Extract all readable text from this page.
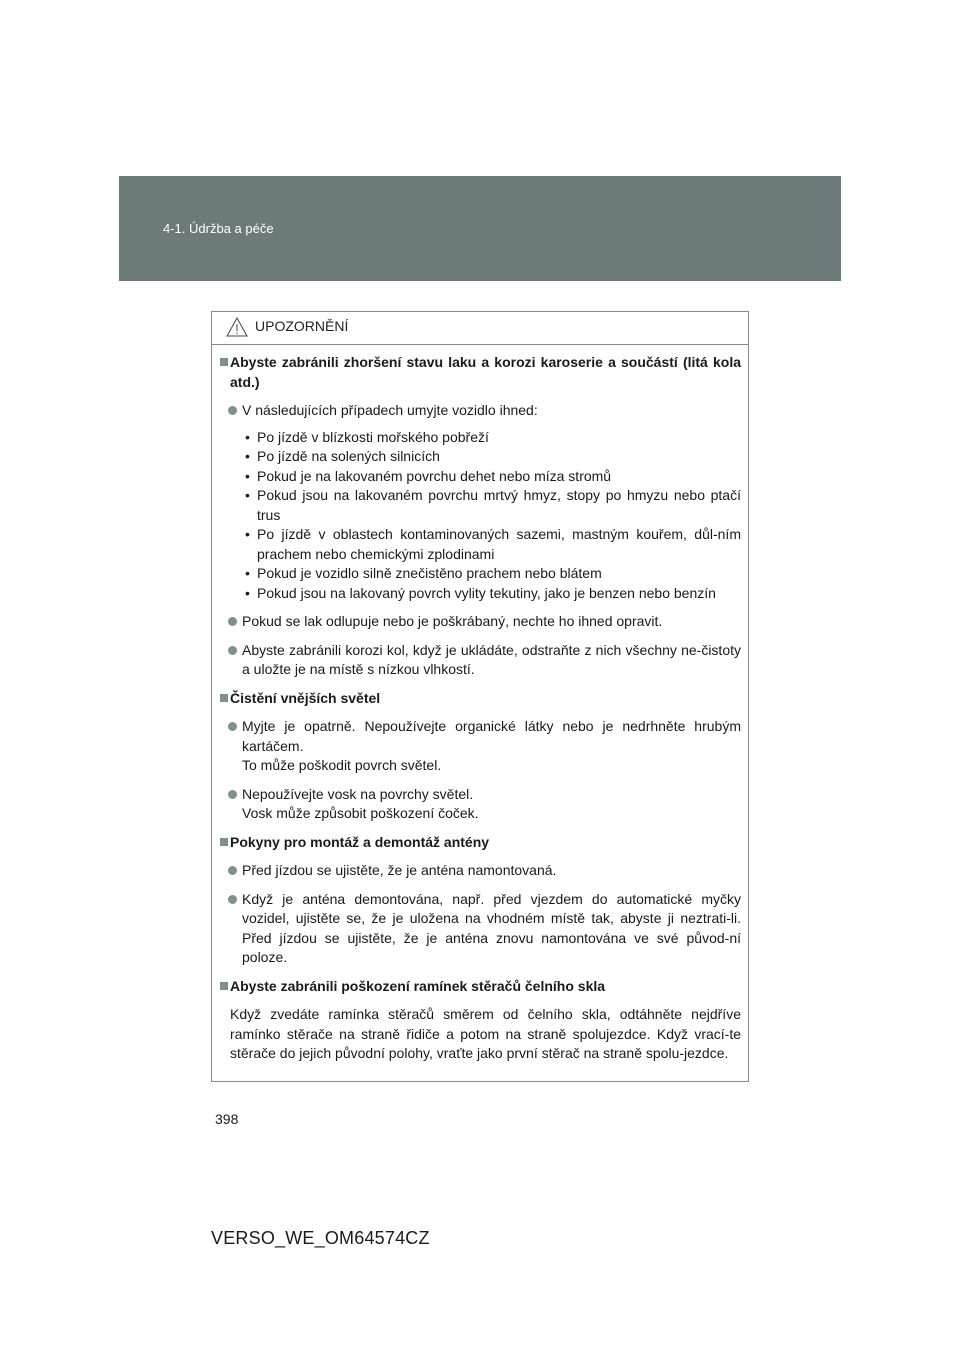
4-1. Údržba a péče
UPOZORNĚNÍ
Abyste zabránili zhoršení stavu laku a korozi karoserie a součástí (litá kola atd.)
V následujících případech umyjte vozidlo ihned:
• Po jízdě v blízkosti mořského pobřeží
• Po jízdě na solených silnicích
• Pokud je na lakovaném povrchu dehet nebo míza stromů
• Pokud jsou na lakovaném povrchu mrtvý hmyz, stopy po hmyzu nebo ptačí trus
• Po jízdě v oblastech kontaminovaných sazemi, mastným kouřem, důl-ním prachem nebo chemickými zplodinami
• Pokud je vozidlo silně znečistěno prachem nebo blátem
• Pokud jsou na lakovaný povrch vylity tekutiny, jako je benzen nebo benzín
Pokud se lak odlupuje nebo je poškrábaný, nechte ho ihned opravit.
Abyste zabránili korozi kol, když je ukládáte, odstraňte z nich všechny ne-čistoty a uložte je na místě s nízkou vlhkostí.
Čistění vnějších světel
Myjte je opatrně. Nepoužívejte organické látky nebo je nedrhněte hrubým kartáčem.
To může poškodit povrch světel.
Nepoužívejte vosk na povrchy světel.
Vosk může způsobit poškození čoček.
Pokyny pro montáž a demontáž antény
Před jízdou se ujistěte, že je anténa namontovaná.
Když je anténa demontována, např. před vjezdem do automatické myčky vozidel, ujistěte se, že je uložena na vhodném místě tak, abyste ji neztrati-li. Před jízdou se ujistěte, že je anténa znovu namontována ve své původ-ní poloze.
Abyste zabránili poškození ramínek stěračů čelního skla

Když zvedáte ramínka stěračů směrem od čelního skla, odtáhněte nejdříve ramínko stěrače na straně řidiče a potom na straně spolujezdce. Když vrací-te stěrače do jejich původní polohy, vraťte jako první stěrač na straně spolu-jezdce.

398
VERSO_WE_OM64574CZ
